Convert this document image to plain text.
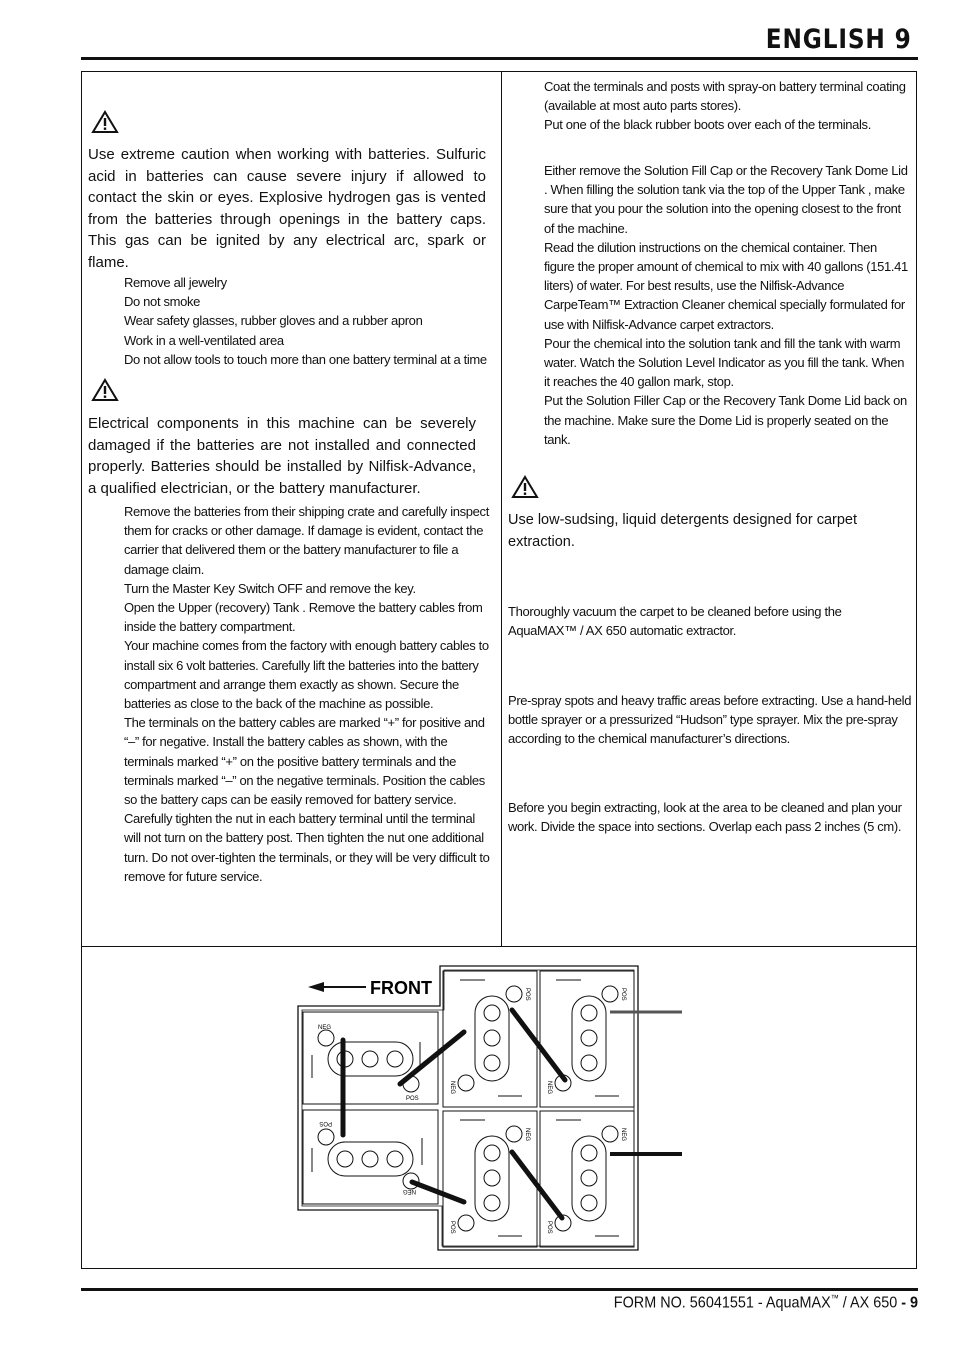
ENGLISH 9
Use extreme caution when working with batteries. Sulfuric acid in batteries can cause severe injury if allowed to contact the skin or eyes. Explosive hydrogen gas is vented from the batteries through openings in the battery caps. This gas can be ignited by any electrical arc, spark or flame.
Remove all jewelry
Do not smoke
Wear safety glasses, rubber gloves and a rubber apron
Work in a well-ventilated area
Do not allow tools to touch more than one battery terminal at a time
Electrical components in this machine can be severely damaged if the batteries are not installed and connected properly. Batteries should be installed by Nilfisk-Advance, a qualified electrician, or the battery manufacturer.

Remove the batteries from their shipping crate and carefully inspect them for cracks or other damage. If damage is evident, contact the carrier that delivered them or the battery manufacturer to file a damage claim.

Turn the Master Key Switch OFF and remove the key.

Open the Upper (recovery) Tank . Remove the battery cables from inside the battery compartment.

Your machine comes from the factory with enough battery cables to install six 6 volt batteries. Carefully lift the batteries into the battery compartment and arrange them exactly as shown. Secure the batteries as close to the back of the machine as possible.

The terminals on the battery cables are marked “+” for positive and “–” for negative. Install the battery cables as shown, with the terminals marked “+” on the positive battery terminals and the terminals marked “–” on the negative terminals. Position the cables so the battery caps can be easily removed for battery service.

Carefully tighten the nut in each battery terminal until the terminal will not turn on the battery post. Then tighten the nut one additional turn. Do not over-tighten the terminals, or they will be very difficult to remove for future service.

Coat the terminals and posts with spray-on battery terminal coating (available at most auto parts stores).

Put one of the black rubber boots over each of the terminals.

Either remove the Solution Fill Cap or the Recovery Tank Dome Lid . When filling the solution tank via the top of the Upper Tank , make sure that you pour the solution into the opening closest to the front of the machine.

Read the dilution instructions on the chemical container. Then figure the proper amount of chemical to mix with 40 gallons (151.41 liters) of water. For best results, use the Nilfisk-Advance CarpeTeam™ Extraction Cleaner chemical specially formulated for use with Nilfisk-Advance carpet extractors.

Pour the chemical into the solution tank and fill the tank with warm water. Watch the Solution Level Indicator as you fill the tank. When it reaches the 40 gallon mark, stop.

Put the Solution Filler Cap or the Recovery Tank Dome Lid back on the machine. Make sure the Dome Lid is properly seated on the tank.

Use low-sudsing, liquid detergents designed for carpet extraction.
Thoroughly vacuum the carpet to be cleaned before using the AquaMAX™ / AX 650 automatic extractor.
Pre-spray spots and heavy traffic areas before extracting. Use a hand-held bottle sprayer or a pressurized “Hudson” type sprayer. Mix the pre-spray according to the chemical manufacturer’s directions.
Before you begin extracting, look at the area to be cleaned and plan your work. Divide the space into sections. Overlap each pass 2 inches (5 cm).
FRONT
NEG
POS
POS
NEG
POS
NEG
POS
NEG
NEG
POS
NEG
POS
FORM NO. 56041551 - AquaMAX™ / AX 650 - 9
